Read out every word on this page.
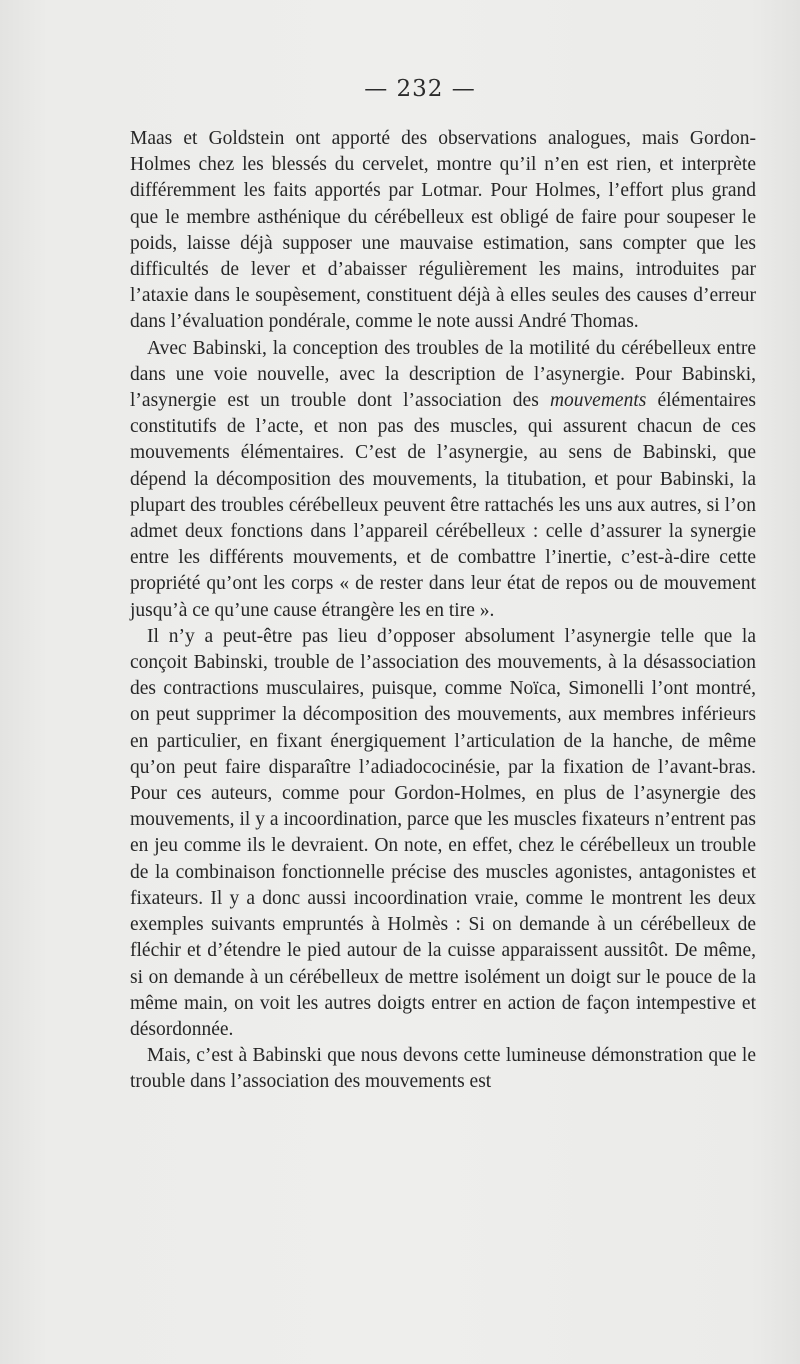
— 232 —

Maas et Goldstein ont apporté des observations analogues, mais Gordon-Holmes chez les blessés du cervelet, montre qu’il n’en est rien, et interprète différemment les faits apportés par Lotmar. Pour Holmes, l’effort plus grand que le membre asthénique du cérébelleux est obligé de faire pour soupeser le poids, laisse déjà supposer une mauvaise estimation, sans compter que les difficultés de lever et d’abaisser régulièrement les mains, introduites par l’ataxie dans le soupèsement, constituent déjà à elles seules des causes d’erreur dans l’évaluation pondérale, comme le note aussi André Thomas.

Avec Babinski, la conception des troubles de la motilité du cérébelleux entre dans une voie nouvelle, avec la description de l’asynergie. Pour Babinski, l’asynergie est un trouble dont l’association des mouvements élémentaires constitutifs de l’acte, et non pas des muscles, qui assurent chacun de ces mouvements élémentaires. C’est de l’asynergie, au sens de Babinski, que dépend la décomposition des mouvements, la titubation, et pour Babinski, la plupart des troubles cérébelleux peuvent être rattachés les uns aux autres, si l’on admet deux fonctions dans l’appareil cérébelleux : celle d’assurer la synergie entre les différents mouvements, et de combattre l’inertie, c’est-à-dire cette propriété qu’ont les corps « de rester dans leur état de repos ou de mouvement jusqu’à ce qu’une cause étrangère les en tire ».

Il n’y a peut-être pas lieu d’opposer absolument l’asynergie telle que la conçoit Babinski, trouble de l’association des mouvements, à la désassociation des contractions musculaires, puisque, comme Noïca, Simonelli l’ont montré, on peut supprimer la décomposition des mouvements, aux membres inférieurs en particulier, en fixant énergiquement l’articulation de la hanche, de même qu’on peut faire disparaître l’adiadococinésie, par la fixation de l’avant-bras. Pour ces auteurs, comme pour Gordon-Holmes, en plus de l’asynergie des mouvements, il y a incoordination, parce que les muscles fixateurs n’entrent pas en jeu comme ils le devraient. On note, en effet, chez le cérébelleux un trouble de la combinaison fonctionnelle précise des muscles agonistes, antagonistes et fixateurs. Il y a donc aussi incoordination vraie, comme le montrent les deux exemples suivants empruntés à Holmès : Si on demande à un cérébelleux de fléchir et d’étendre le pied autour de la cuisse apparaissent aussitôt. De même, si on demande à un cérébelleux de mettre isolément un doigt sur le pouce de la même main, on voit les autres doigts entrer en action de façon intempestive et désordonnée.

Mais, c’est à Babinski que nous devons cette lumineuse démonstration que le trouble dans l’association des mouvements est
